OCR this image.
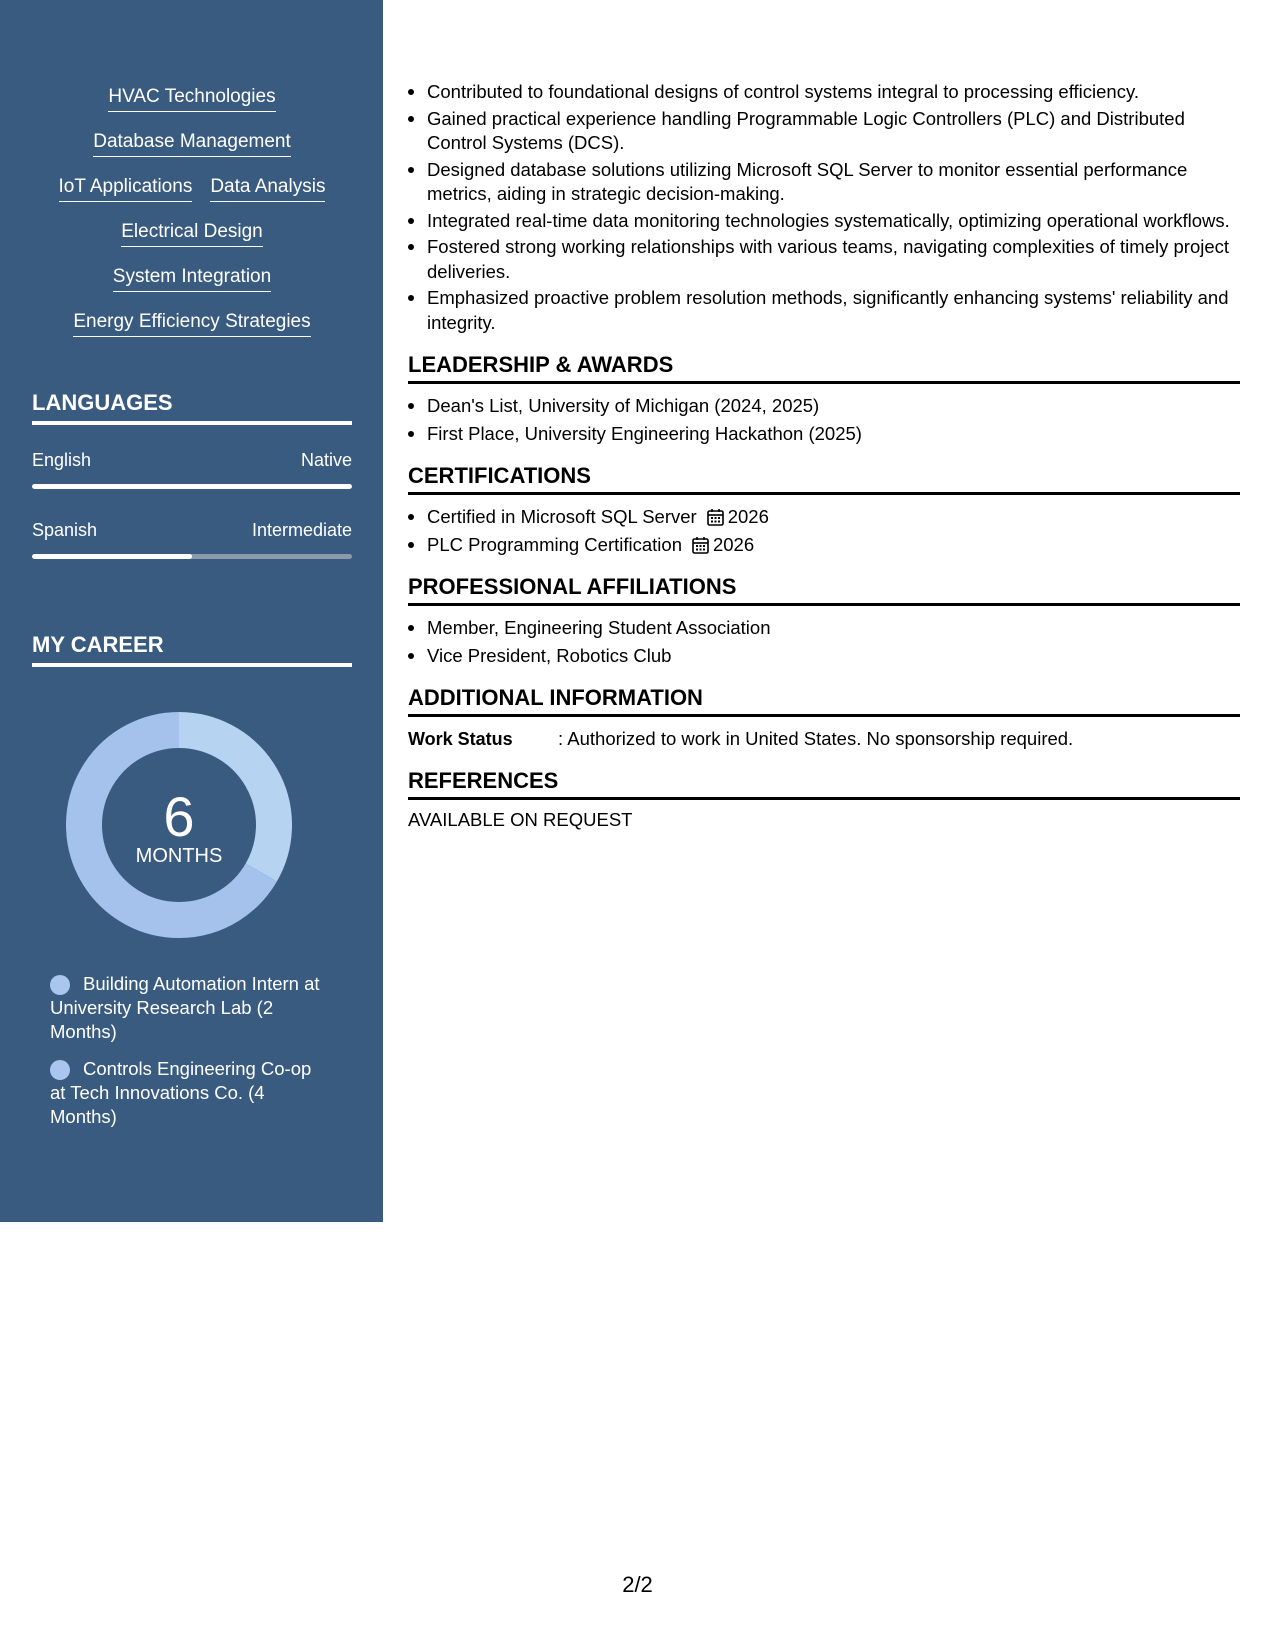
HVAC Technologies
Database Management
IoT Applications Data Analysis
Electrical Design
System Integration
Energy Efficiency Strategies
LANGUAGES
English	Native
Spanish	Intermediate
MY CAREER
6
MONTHS
Building Automation Intern at University Research Lab (2 Months)
Controls Engineering Co-op at Tech Innovations Co. (4 Months)
Contributed to foundational designs of control systems integral to processing efficiency.
Gained practical experience handling Programmable Logic Controllers (PLC) and Distributed Control Systems (DCS).
Designed database solutions utilizing Microsoft SQL Server to monitor essential performance metrics, aiding in strategic decision-making.
Integrated real-time data monitoring technologies systematically, optimizing operational workflows.
Fostered strong working relationships with various teams, navigating complexities of timely project deliveries.
Emphasized proactive problem resolution methods, significantly enhancing systems' reliability and integrity.
LEADERSHIP & AWARDS
Dean's List, University of Michigan (2024, 2025)
First Place, University Engineering Hackathon (2025)
CERTIFICATIONS
Certified in Microsoft SQL Server 2026
PLC Programming Certification 2026
PROFESSIONAL AFFILIATIONS
Member, Engineering Student Association
Vice President, Robotics Club
ADDITIONAL INFORMATION
Work Status	: Authorized to work in United States. No sponsorship required.
REFERENCES
AVAILABLE ON REQUEST
2/2
